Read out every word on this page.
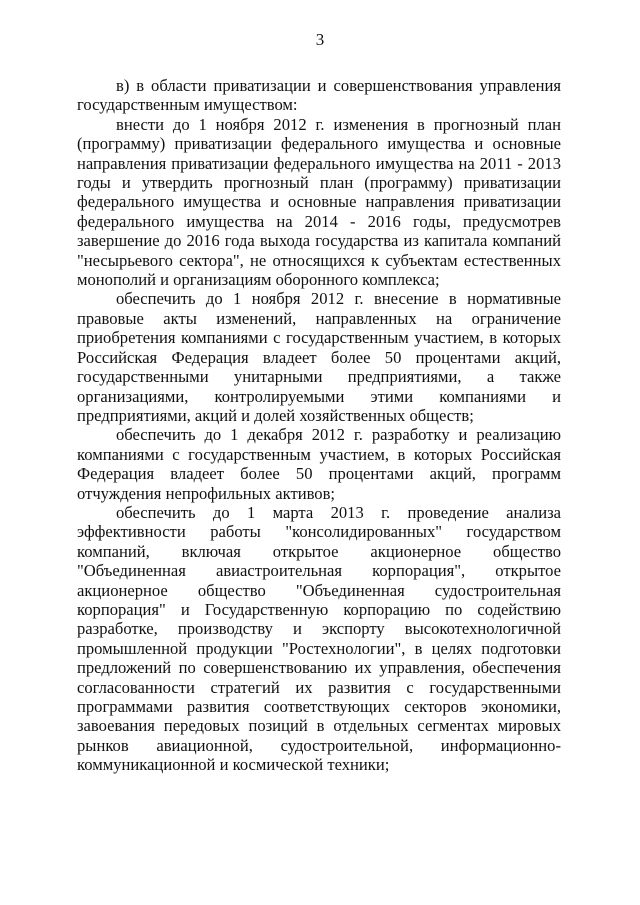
3

в) в области приватизации и совершенствования управления государственным имуществом:

внести до 1 ноября 2012 г. изменения в прогнозный план (программу) приватизации федерального имущества и основные направления приватизации федерального имущества на 2011 - 2013 годы и утвердить прогнозный план (программу) приватизации федерального имущества и основные направления приватизации федерального имущества на 2014 - 2016 годы, предусмотрев завершение до 2016 года выхода государства из капитала компаний "несырьевого сектора", не относящихся к субъектам естественных монополий и организациям оборонного комплекса;

обеспечить до 1 ноября 2012 г. внесение в нормативные правовые акты изменений, направленных на ограничение приобретения компаниями с государственным участием, в которых Российская Федерация владеет более 50 процентами акций, государственными унитарными предприятиями, а также организациями, контролируемыми этими компаниями и предприятиями, акций и долей хозяйственных обществ;

обеспечить до 1 декабря 2012 г. разработку и реализацию компаниями с государственным участием, в которых Российская Федерация владеет более 50 процентами акций, программ отчуждения непрофильных активов;

обеспечить до 1 марта 2013 г. проведение анализа эффективности работы "консолидированных" государством компаний, включая открытое акционерное общество "Объединенная авиастроительная корпорация", открытое акционерное общество "Объединенная судостроительная корпорация" и Государственную корпорацию по содействию разработке, производству и экспорту высокотехнологичной промышленной продукции "Ростехнологии", в целях подготовки предложений по совершенствованию их управления, обеспечения согласованности стратегий их развития с государственными программами развития соответствующих секторов экономики, завоевания передовых позиций в отдельных сегментах мировых рынков авиационной, судостроительной, информационно-коммуникационной и космической техники;
